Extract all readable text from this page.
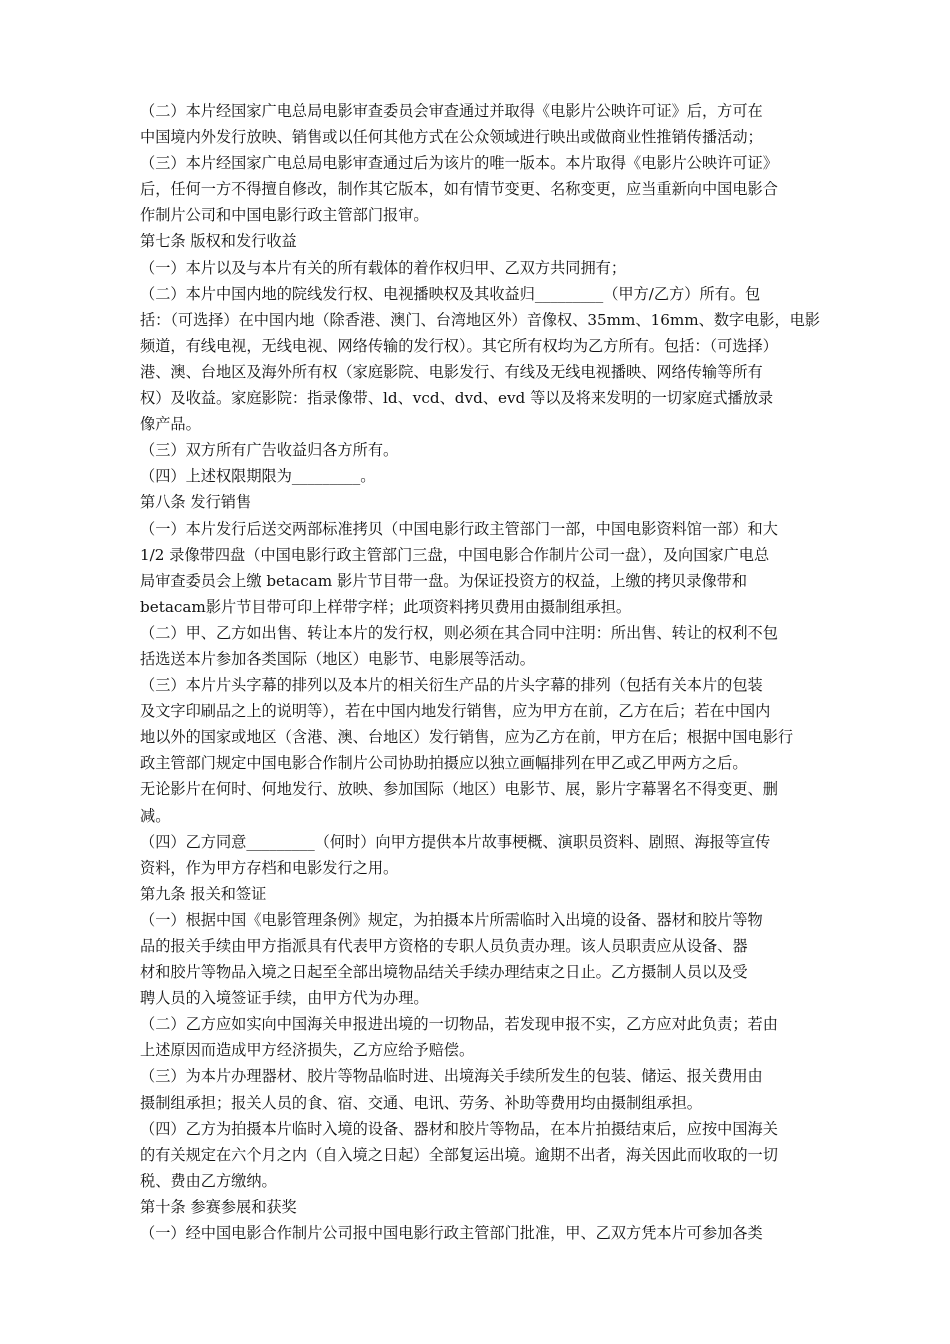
（二）本片经国家广电总局电影审查委员会审查通过并取得《电影片公映许可证》后，方可在
中国境内外发行放映、销售或以任何其他方式在公众领域进行映出或做商业性推销传播活动；
（三）本片经国家广电总局电影审查通过后为该片的唯一版本。本片取得《电影片公映许可证》
后，任何一方不得擅自修改，制作其它版本，如有情节变更、名称变更，应当重新向中国电影合
作制片公司和中国电影行政主管部门报审。
第七条 版权和发行收益
（一）本片以及与本片有关的所有载体的着作权归甲、乙双方共同拥有；
（二）本片中国内地的院线发行权、电视播映权及其收益归_________（甲方/乙方）所有。包
括：（可选择）在中国内地（除香港、澳门、台湾地区外）音像权、35mm、16mm、数字电影，电影
频道，有线电视，无线电视、网络传输的发行权）。其它所有权均为乙方所有。包括：（可选择）
港、澳、台地区及海外所有权（家庭影院、电影发行、有线及无线电视播映、网络传输等所有
权）及收益。家庭影院：指录像带、ld、vcd、dvd、evd 等以及将来发明的一切家庭式播放录
像产品。
（三）双方所有广告收益归各方所有。
（四）上述权限期限为_________。
第八条 发行销售
（一）本片发行后送交两部标准拷贝（中国电影行政主管部门一部，中国电影资料馆一部）和大
1/2 录像带四盘（中国电影行政主管部门三盘，中国电影合作制片公司一盘），及向国家广电总
局审查委员会上缴 betacam 影片节目带一盘。为保证投资方的权益，上缴的拷贝录像带和
betacam影片节目带可印上样带字样；此项资料拷贝费用由摄制组承担。
（二）甲、乙方如出售、转让本片的发行权，则必须在其合同中注明：所出售、转让的权利不包
括选送本片参加各类国际（地区）电影节、电影展等活动。
（三）本片片头字幕的排列以及本片的相关衍生产品的片头字幕的排列（包括有关本片的包装
及文字印刷品之上的说明等），若在中国内地发行销售，应为甲方在前，乙方在后；若在中国内
地以外的国家或地区（含港、澳、台地区）发行销售，应为乙方在前，甲方在后；根据中国电影行
政主管部门规定中国电影合作制片公司协助拍摄应以独立画幅排列在甲乙或乙甲两方之后。
无论影片在何时、何地发行、放映、参加国际（地区）电影节、展，影片字幕署名不得变更、删
减。
（四）乙方同意_________（何时）向甲方提供本片故事梗概、演职员资料、剧照、海报等宣传
资料，作为甲方存档和电影发行之用。
第九条 报关和签证
（一）根据中国《电影管理条例》规定，为拍摄本片所需临时入出境的设备、器材和胶片等物
品的报关手续由甲方指派具有代表甲方资格的专职人员负责办理。该人员职责应从设备、器
材和胶片等物品入境之日起至全部出境物品结关手续办理结束之日止。乙方摄制人员以及受
聘人员的入境签证手续，由甲方代为办理。
（二）乙方应如实向中国海关申报进出境的一切物品，若发现申报不实，乙方应对此负责；若由
上述原因而造成甲方经济损失，乙方应给予赔偿。
（三）为本片办理器材、胶片等物品临时进、出境海关手续所发生的包装、储运、报关费用由
摄制组承担；报关人员的食、宿、交通、电讯、劳务、补助等费用均由摄制组承担。
（四）乙方为拍摄本片临时入境的设备、器材和胶片等物品，在本片拍摄结束后，应按中国海关
的有关规定在六个月之内（自入境之日起）全部复运出境。逾期不出者，海关因此而收取的一切
税、费由乙方缴纳。
第十条 参赛参展和获奖
（一）经中国电影合作制片公司报中国电影行政主管部门批准，甲、乙双方凭本片可参加各类
